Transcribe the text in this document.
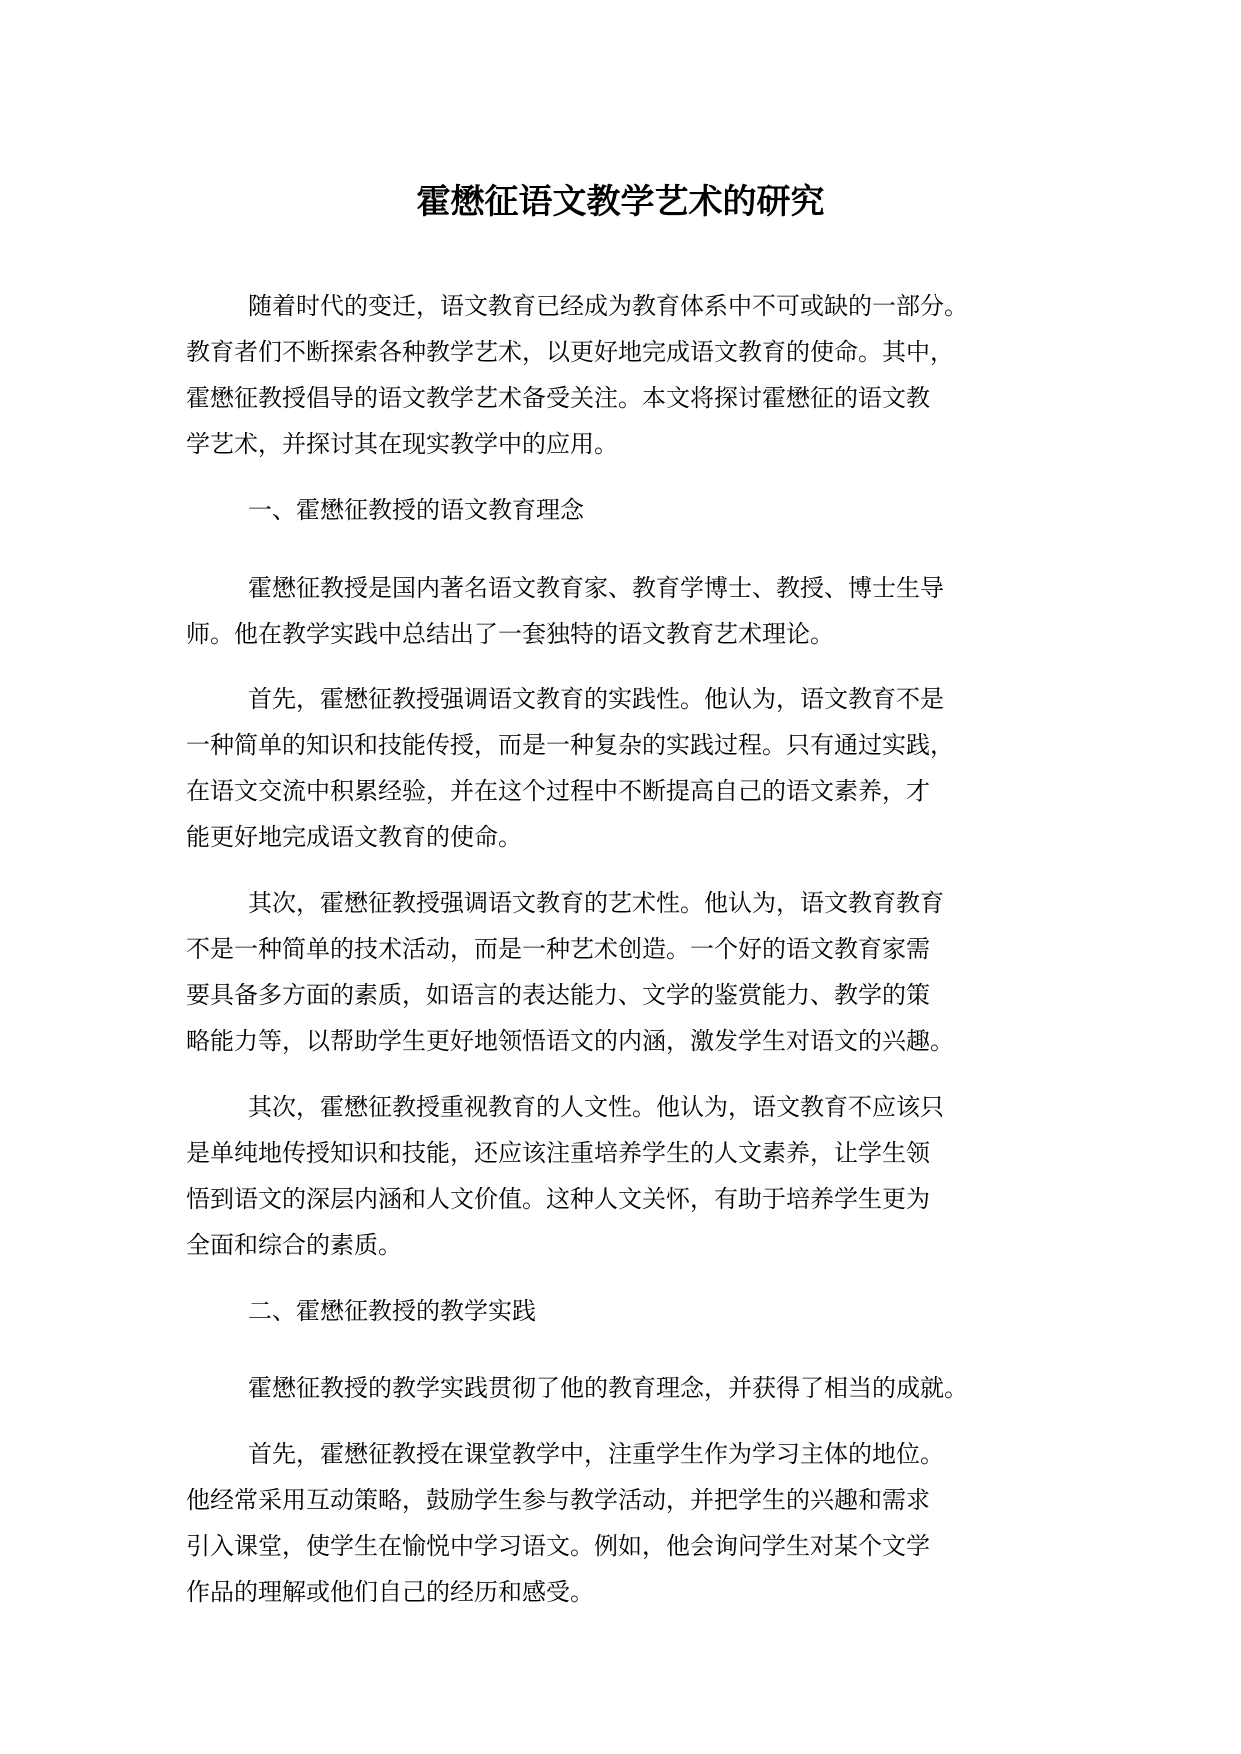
霍懋征语文教学艺术的研究
随着时代的变迁，语文教育已经成为教育体系中不可或缺的一部分。
教育者们不断探索各种教学艺术，以更好地完成语文教育的使命。其中，
霍懋征教授倡导的语文教学艺术备受关注。本文将探讨霍懋征的语文教
学艺术，并探讨其在现实教学中的应用。
一、霍懋征教授的语文教育理念
霍懋征教授是国内著名语文教育家、教育学博士、教授、博士生导
师。他在教学实践中总结出了一套独特的语文教育艺术理论。
首先，霍懋征教授强调语文教育的实践性。他认为，语文教育不是
一种简单的知识和技能传授，而是一种复杂的实践过程。只有通过实践，
在语文交流中积累经验，并在这个过程中不断提高自己的语文素养，才
能更好地完成语文教育的使命。
其次，霍懋征教授强调语文教育的艺术性。他认为，语文教育教育
不是一种简单的技术活动，而是一种艺术创造。一个好的语文教育家需
要具备多方面的素质，如语言的表达能力、文学的鉴赏能力、教学的策
略能力等，以帮助学生更好地领悟语文的内涵，激发学生对语文的兴趣。
其次，霍懋征教授重视教育的人文性。他认为，语文教育不应该只
是单纯地传授知识和技能，还应该注重培养学生的人文素养，让学生领
悟到语文的深层内涵和人文价值。这种人文关怀，有助于培养学生更为
全面和综合的素质。
二、霍懋征教授的教学实践
霍懋征教授的教学实践贯彻了他的教育理念，并获得了相当的成就。
首先，霍懋征教授在课堂教学中，注重学生作为学习主体的地位。
他经常采用互动策略，鼓励学生参与教学活动，并把学生的兴趣和需求
引入课堂，使学生在愉悦中学习语文。例如，他会询问学生对某个文学
作品的理解或他们自己的经历和感受。
